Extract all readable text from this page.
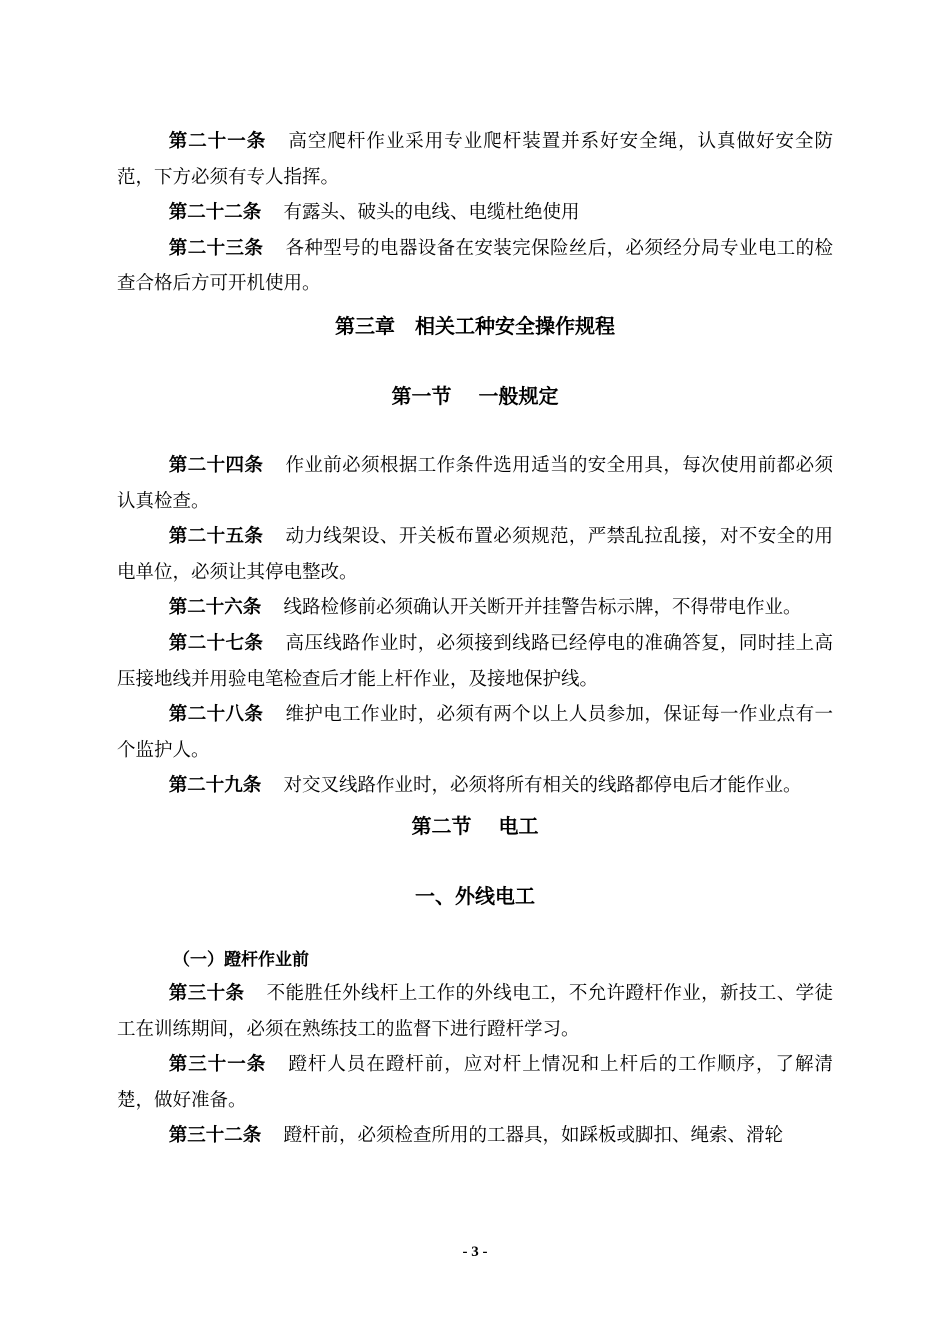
第二十一条 高空爬杆作业采用专业爬杆装置并系好安全绳，认真做好安全防范，下方必须有专人指挥。

第二十二条 有露头、破头的电线、电缆杜绝使用

第二十三条 各种型号的电器设备在安装完保险丝后，必须经分局专业电工的检查合格后方可开机使用。

第三章　相关工种安全操作规程
第一节　 一般规定

第二十四条 作业前必须根据工作条件选用适当的安全用具，每次使用前都必须认真检查。

第二十五条 动力线架设、开关板布置必须规范，严禁乱拉乱接，对不安全的用电单位，必须让其停电整改。

第二十六条 线路检修前必须确认开关断开并挂警告标示牌，不得带电作业。

第二十七条 高压线路作业时，必须接到线路已经停电的准确答复，同时挂上高压接地线并用验电笔检查后才能上杆作业，及接地保护线。

第二十八条 维护电工作业时，必须有两个以上人员参加，保证每一作业点有一个监护人。

第二十九条 对交叉线路作业时，必须将所有相关的线路都停电后才能作业。

第二节　 电工
一、外线电工

（一）蹬杆作业前

第三十条 不能胜任外线杆上工作的外线电工，不允许蹬杆作业，新技工、学徒工在训练期间，必须在熟练技工的监督下进行蹬杆学习。

第三十一条 蹬杆人员在蹬杆前，应对杆上情况和上杆后的工作顺序，了解清楚，做好准备。

第三十二条 蹬杆前，必须检查所用的工器具，如踩板或脚扣、绳索、滑轮

- 3 -
